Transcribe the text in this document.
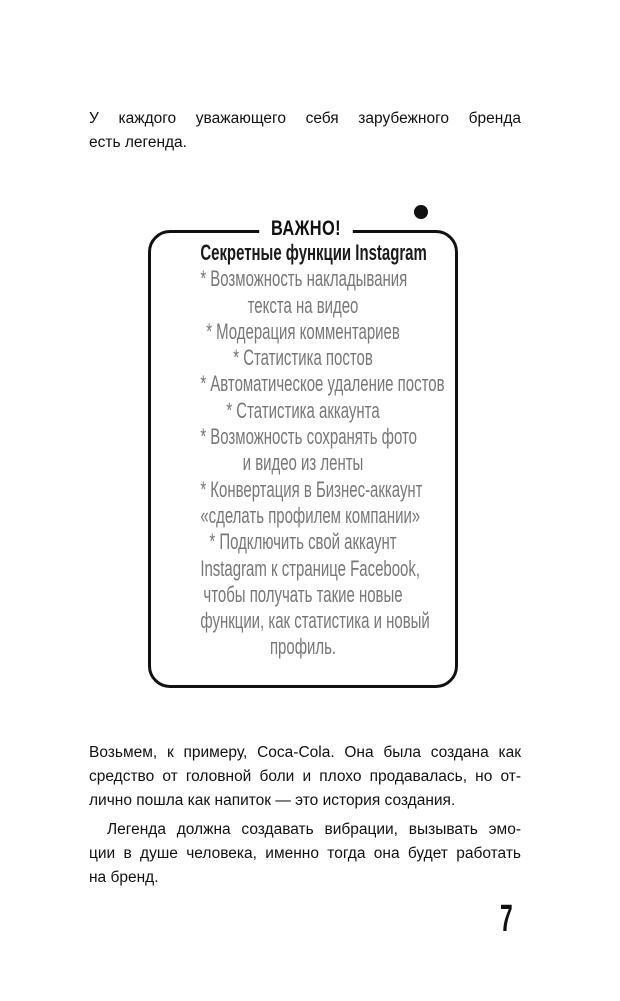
У каждого уважающего себя зарубежного бренда
есть легенда.

ВАЖНО!
Секретные функции Instagram
* Возможность накладывания
текста на видео
* Модерация комментариев
* Статистика постов
* Автоматическое удаление постов
* Статистика аккаунта
* Возможность сохранять фото
и видео из ленты
* Конвертация в Бизнес-аккаунт
«сделать профилем компании»
* Подключить свой аккаунт
Instagram к странице Facebook,
чтобы получать такие новые
функции, как статистика и новый
профиль.

Возьмем, к примеру, Coca-Cola. Она была создана как
средство от головной боли и плохо продавалась, но от-
лично пошла как напиток — это история создания.

Легенда должна создавать вибрации, вызывать эмо-
ции в душе человека, именно тогда она будет работать
на бренд.

7
